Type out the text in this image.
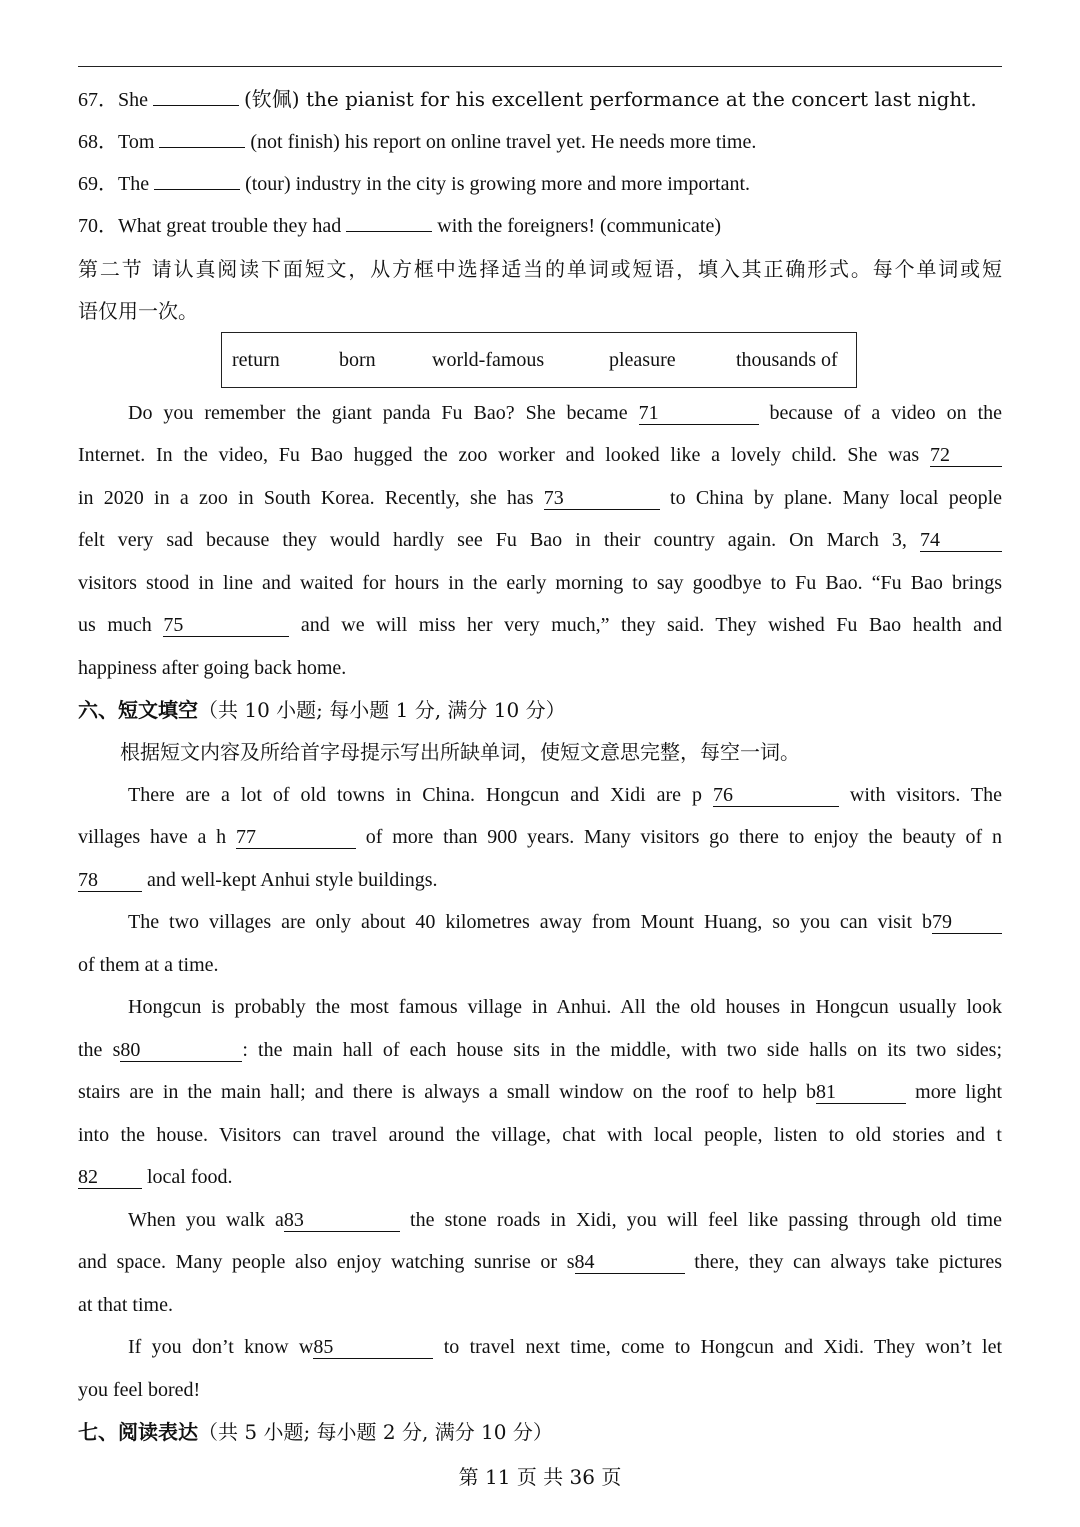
67．She	(钦佩) the pianist for his excellent performance at the concert last night.
68．Tom	(not finish) his report on online travel yet. He needs more time.
69．The	(tour) industry in the city is growing more and more important.
70．What great trouble they had	with the foreigners! (communicate)
第二节 请认真阅读下面短文，从方框中选择适当的单词或短语，填入其正确形式。每个单词或短
语仅用一次。
return	born	world-famous	pleasure	thousands of
Do you remember the giant panda Fu Bao? She became 71	because of a video on the
Internet. In the video, Fu Bao hugged the zoo worker and looked like a lovely child. She was 72
in 2020 in a zoo in South Korea. Recently, she has 73	to China by plane. Many local people
felt very sad because they would hardly see Fu Bao in their country again. On March 3, 74
visitors stood in line and waited for hours in the early morning to say goodbye to Fu Bao. “Fu Bao brings
us much 75	and we will miss her very much,” they said. They wished Fu Bao health and
happiness after going back home.
六、短文填空（共 10 小题; 每小题 1 分, 满分 10 分）
根据短文内容及所给首字母提示写出所缺单词，使短文意思完整，每空一词。
There are a lot of old towns in China. Hongcun and Xidi are p 76	with visitors. The
villages have a h 77	of more than 900 years. Many visitors go there to enjoy the beauty of n
78 and well-kept Anhui style buildings.
The two villages are only about 40 kilometres away from Mount Huang, so you can visit b79
of them at a time.
Hongcun is probably the most famous village in Anhui. All the old houses in Hongcun usually look
the s80	: the main hall of each house sits in the middle, with two side halls on its two sides;
stairs are in the main hall; and there is always a small window on the roof to help b81	more light
into the house. Visitors can travel around the village, chat with local people, listen to old stories and t
82 local food.
When you walk a83	the stone roads in Xidi, you will feel like passing through old time
and space. Many people also enjoy watching sunrise or s84	there, they can always take pictures
at that time.
If you don’t know w85	to travel next time, come to Hongcun and Xidi. They won’t let
you feel bored!
七、阅读表达（共 5 小题; 每小题 2 分, 满分 10 分）
第 11 页 共 36 页
